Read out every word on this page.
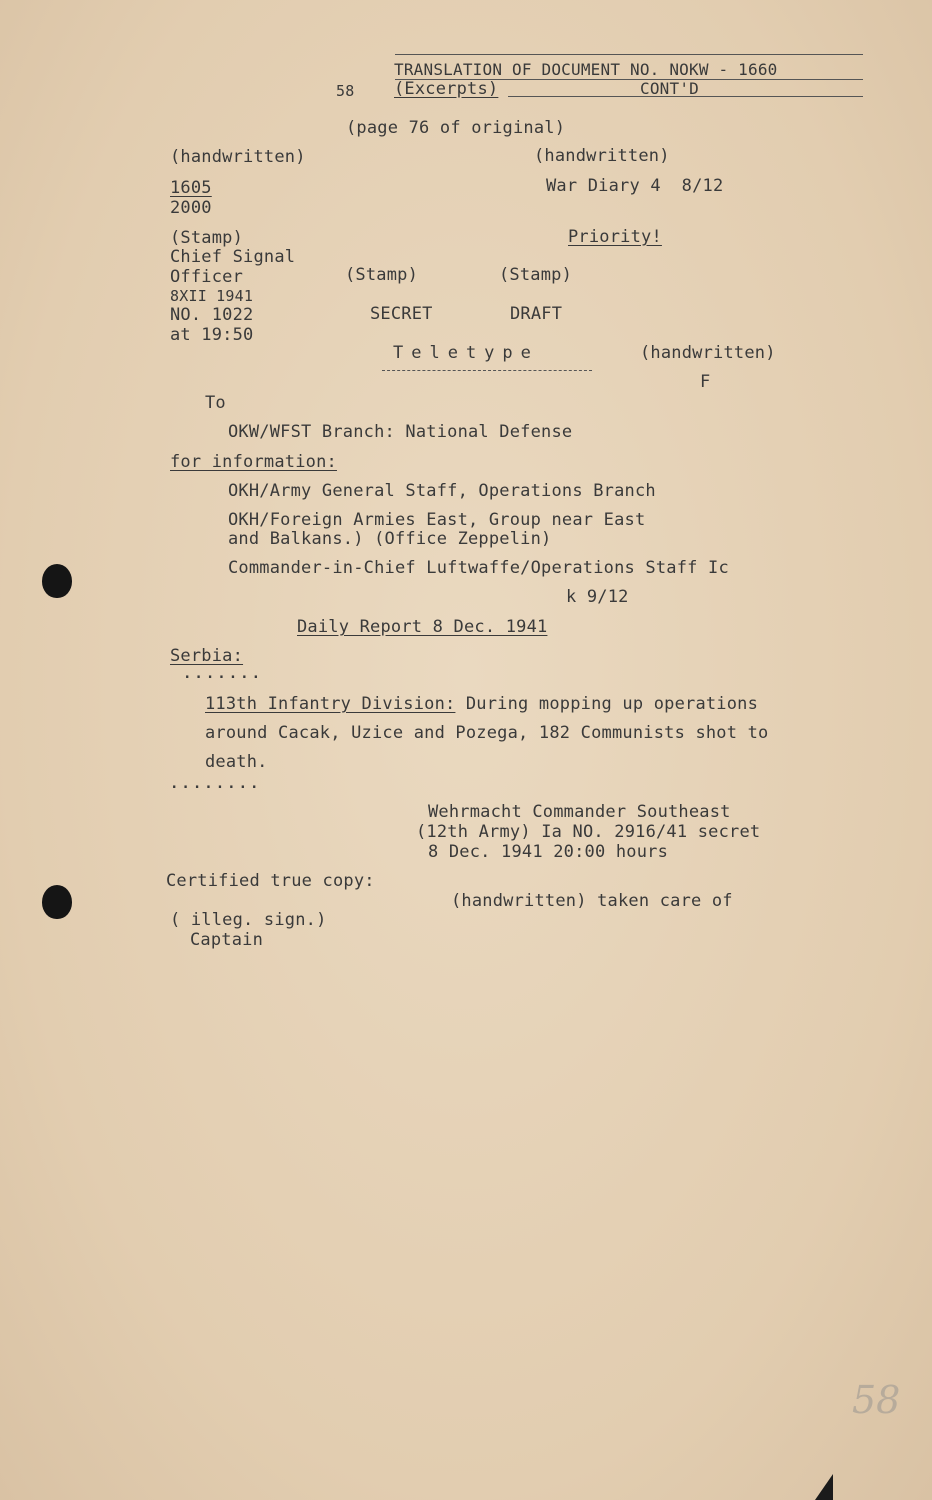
TRANSLATION OF DOCUMENT NO. NOKW - 1660
58 (Excerpts)	CONT'D
(page 76 of original)
(handwritten)
1605
2000
(Stamp)
Chief Signal
Officer
8XII 1941
NO. 1022
at 19:50
(handwritten)
War Diary 4  8/12
Priority!
(Stamp)
SECRET
(Stamp)
DRAFT
Teletype	(handwritten)
F
To
OKW/WFST Branch: National Defense
for information:
OKH/Army General Staff, Operations Branch
OKH/Foreign Armies East, Group near East
and Balkans.) (Office Zeppelin)
Commander-in-Chief Luftwaffe/Operations Staff Ic
k 9/12
Daily Report 8 Dec. 1941
Serbia:
.......
113th Infantry Division: During mopping up operations
around Cacak, Uzice and Pozega, 182 Communists shot to
death.
........
Wehrmacht Commander Southeast
(12th Army) Ia NO. 2916/41 secret
8 Dec. 1941 20:00 hours
Certified true copy:
(handwritten) taken care of
( illeg. sign.)
Captain
58
